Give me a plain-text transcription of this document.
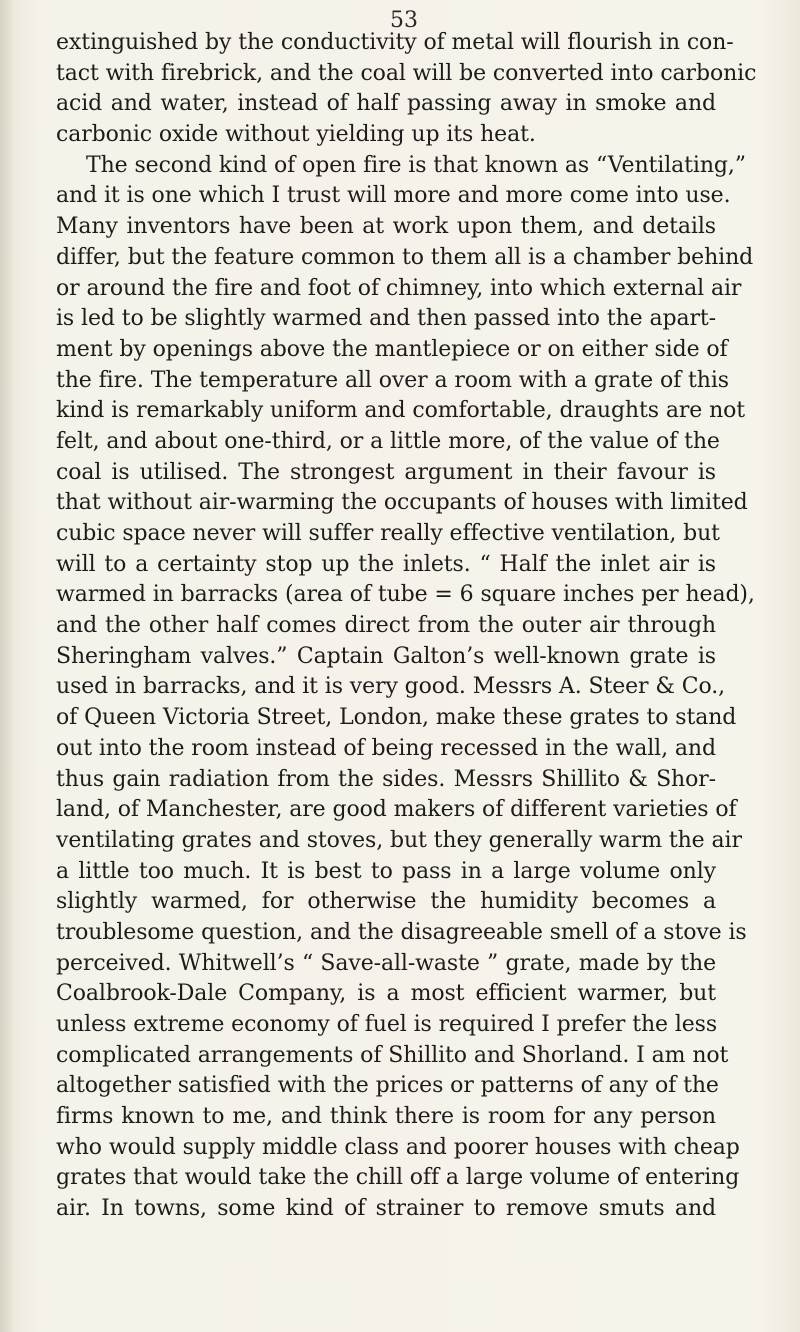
53
extinguished by the conductivity of metal will flourish in con-
tact with firebrick, and the coal will be converted into carbonic
acid and water, instead of half passing away in smoke and
carbonic oxide without yielding up its heat.
The second kind of open fire is that known as “Ventilating,”
and it is one which I trust will more and more come into use.
Many inventors have been at work upon them, and details
differ, but the feature common to them all is a chamber behind
or around the fire and foot of chimney, into which external air
is led to be slightly warmed and then passed into the apart-
ment by openings above the mantlepiece or on either side of
the fire. The temperature all over a room with a grate of this
kind is remarkably uniform and comfortable, draughts are not
felt, and about one-third, or a little more, of the value of the
coal is utilised. The strongest argument in their favour is
that without air-warming the occupants of houses with limited
cubic space never will suffer really effective ventilation, but
will to a certainty stop up the inlets. “ Half the inlet air is
warmed in barracks (area of tube = 6 square inches per head),
and the other half comes direct from the outer air through
Sheringham valves.” Captain Galton’s well-known grate is
used in barracks, and it is very good. Messrs A. Steer & Co.,
of Queen Victoria Street, London, make these grates to stand
out into the room instead of being recessed in the wall, and
thus gain radiation from the sides. Messrs Shillito & Shor-
land, of Manchester, are good makers of different varieties of
ventilating grates and stoves, but they generally warm the air
a little too much. It is best to pass in a large volume only
slightly warmed, for otherwise the humidity becomes a
troublesome question, and the disagreeable smell of a stove is
perceived. Whitwell’s “ Save-all-waste ” grate, made by the
Coalbrook-Dale Company, is a most efficient warmer, but
unless extreme economy of fuel is required I prefer the less
complicated arrangements of Shillito and Shorland. I am not
altogether satisfied with the prices or patterns of any of the
firms known to me, and think there is room for any person
who would supply middle class and poorer houses with cheap
grates that would take the chill off a large volume of entering
air. In towns, some kind of strainer to remove smuts and
